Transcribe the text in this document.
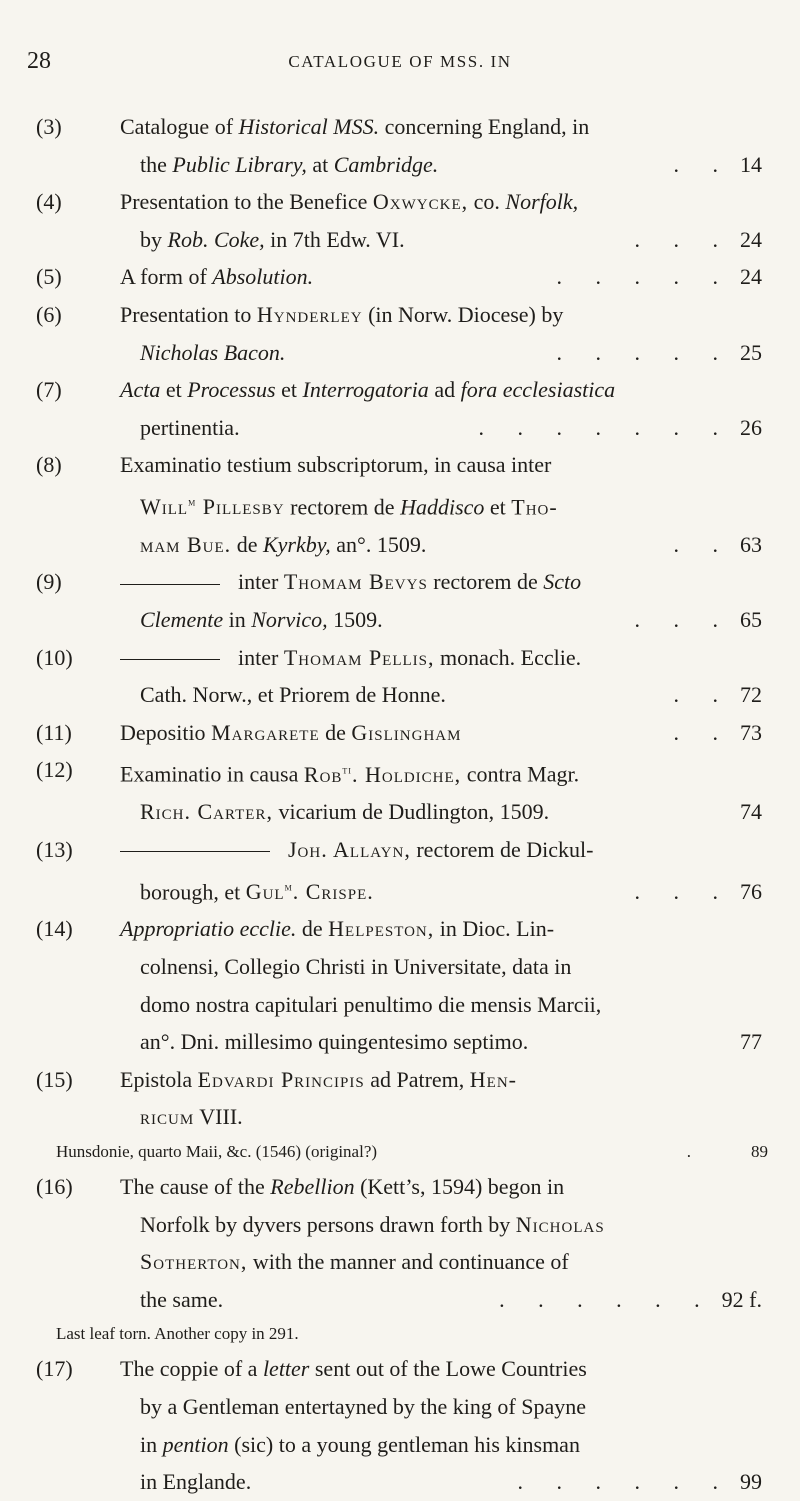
28	CATALOGUE OF MSS. IN
(3)	Catalogue of Historical MSS. concerning England, in
the Public Library, at Cambridge.	. . 14
(4)	Presentation to the Benefice Oxwycke, co. Norfolk,
by Rob. Coke, in 7th Edw. VI.	. . . 24
(5)	A form of Absolution.	. . . . . 24
(6)	Presentation to Hynderley (in Norw. Diocese) by
Nicholas Bacon.	. . . . . 25
(7)	Acta et Processus et Interrogatoria ad fora ecclesiastica
pertinentia.	. . . . . . . 26
(8)	Examinatio testium subscriptorum, in causa inter
Will$^m$ Pillesby rectorem de Haddisco et Tho-
mam Bue. de Kyrkby, an°. 1509.	. . 63
(9)	inter Thomam Bevys rectorem de Scto
Clemente in Norvico, 1509.	. . . 65
(10)	inter Thomam Pellis, monach. Ecclie.
Cath. Norw., et Priorem de Honne.	. . 72
(11) Depositio Margarete de Gislingham	. . 73
(12) Examinatio in causa Rob$^{ti}$. Holdiche, contra Magr.
Rich. Carter, vicarium de Dudlington, 1509.	74
(13)	Joh. Allayn, rectorem de Dickul-
borough, et Gul$^m$. Crispe.	. . . 76
(14) Appropriatio ecclie. de Helpeston, in Dioc. Lin-
colnensi, Collegio Christi in Universitate, data in
domo nostra capitulari penultimo die mensis Marcii,
an°. Dni. millesimo quingentesimo septimo.	77
(15) Epistola Edvardi Principis ad Patrem, Hen-
ricum VIII.
Hunsdonie, quarto Maii, &c. (1546) (original?)	.	89
(16) The cause of the Rebellion (Kett’s, 1594) begon in
Norfolk by dyvers persons drawn forth by Nicholas
Sotherton, with the manner and continuance of
the same.	. . . . . . 92 f.
Last leaf torn. Another copy in 291.
(17) The coppie of a letter sent out of the Lowe Countries
by a Gentleman entertayned by the king of Spayne
in pention (sic) to a young gentleman his kinsman
in Englande.	. . . . . . 99
